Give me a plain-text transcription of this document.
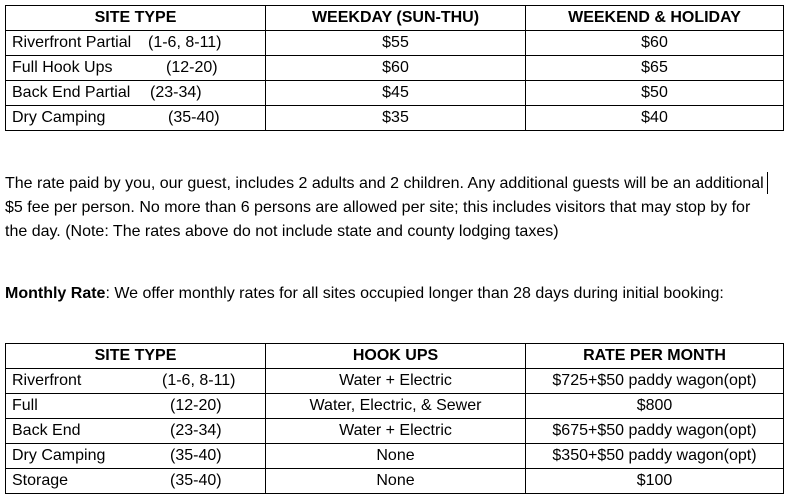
SITE TYPE	WEEKDAY (SUN-THU)	WEEKEND & HOLIDAY
Riverfront Partial (1-6, 8-11)	$55	$60
Full Hook Ups (12-20)	$60	$65
Back End Partial (23-34)	$45	$50
Dry Camping (35-40)	$35	$40
The rate paid by you, our guest, includes 2 adults and 2 children. Any additional guests will be an additional $5 fee per person. No more than 6 persons are allowed per site; this includes visitors that may stop by for the day. (Note: The rates above do not include state and county lodging taxes)
Monthly Rate: We offer monthly rates for all sites occupied longer than 28 days during initial booking:
SITE TYPE	HOOK UPS	RATE PER MONTH
Riverfront (1-6, 8-11)	Water + Electric	$725+$50 paddy wagon(opt)
Full (12-20)	Water, Electric, & Sewer	$800
Back End (23-34)	Water + Electric	$675+$50 paddy wagon(opt)
Dry Camping (35-40)	None	$350+$50 paddy wagon(opt)
Storage (35-40)	None	$100
